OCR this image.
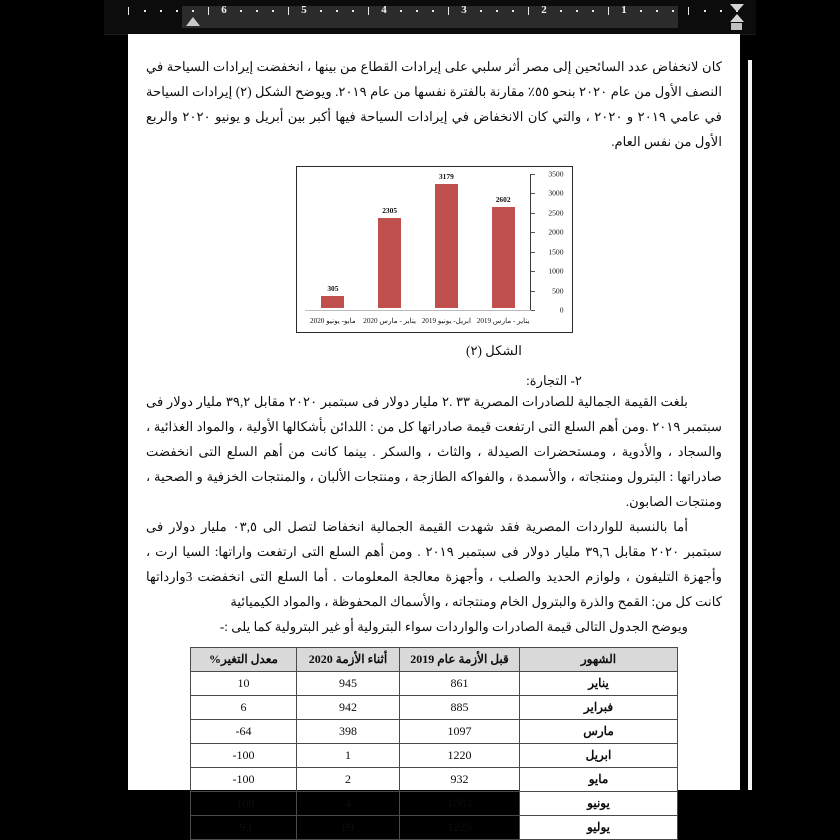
6	5	4	3	2	1

كان لانخفاض عدد السائحين إلى مصر أثر سلبي على إيرادات القطاع من بينها ، انخفضت إيرادات السياحة في النصف الأول من عام ٢٠٢٠ بنحو ٥٥٪ مقارنة بالفترة نفسها من عام ٢٠١٩. ويوضح الشكل (٢) إيرادات السياحة في عامي ٢٠١٩ و ٢٠٢٠ ، والتي كان الانخفاض في إيرادات السياحة فيها أكبر بين أبريل و يونيو ٢٠٢٠ والربع الأول من نفس العام.

305
2305
3179
2602
مايو- يونيو 2020 يناير - مارس 2020 ابريل- يونيو 2019 يناير - مارس 2019
0
500
1000
1500
2000
2500
3000
3500
الشكل (٢)
٢- التجارة:

بلغت القيمة الجمالية للصادرات المصرية ٣٣ .٢ مليار دولار فى سبتمبر ٢٠٢٠ مقابل ٣٩,٢ مليار دولار فى سبتمبر ٢٠١٩ .ومن أهم السلع التى ارتفعت قيمة صادراتها كل من : اللدائن بأشكالها اﻷولية ، والمواد الغذائية ، والسجاد ، واﻷدوية ، ومستحضرات الصيدلة ، والثاث ، والسكر . بينما كانت من أهم السلع التى انخفضت صادراتها : البترول ومنتجاته ، واﻷسمدة ، والفواكه الطازجة ، ومنتجات اﻷلبان ، والمنتجات الخزفية و الصحية ، ومنتجات الصابون.

أما بالنسبة للواردات المصرية فقد شهدت القيمة الجمالية انخفاضا لتصل الى ٠٣,٥ مليار دولار فى سبتمبر ٢٠٢٠ مقابل ٣٩,٦ مليار دولار فى سبتمبر ٢٠١٩ . ومن أهم السلع التى ارتفعت واراتها: السيا ارت ، وأجهزة التليفون ، ولوازم الحديد والصلب ، وأجهزة معالجة المعلومات . أما السلع التى انخفضت 3وارداتها كانت كل من: القمح والذرة والبترول الخام ومنتجاته ، واﻷسماك المحفوظة ، والمواد الكيميائية

ويوضح الجدول التالى قيمة الصادرات والواردات سواء البترولية أو غير البترولية كما يلى :-

الشهور	قبل الأزمة عام 2019	أثناء الأزمة 2020	معدل التغير%
يناير	861	945	10
فبراير	885	942	6
مارس	1097	398	64-
ابريل	1220	1	100-
مايو	932	2	100-
يونيو	1083	4	100-
يوليو	1225	89	93-
